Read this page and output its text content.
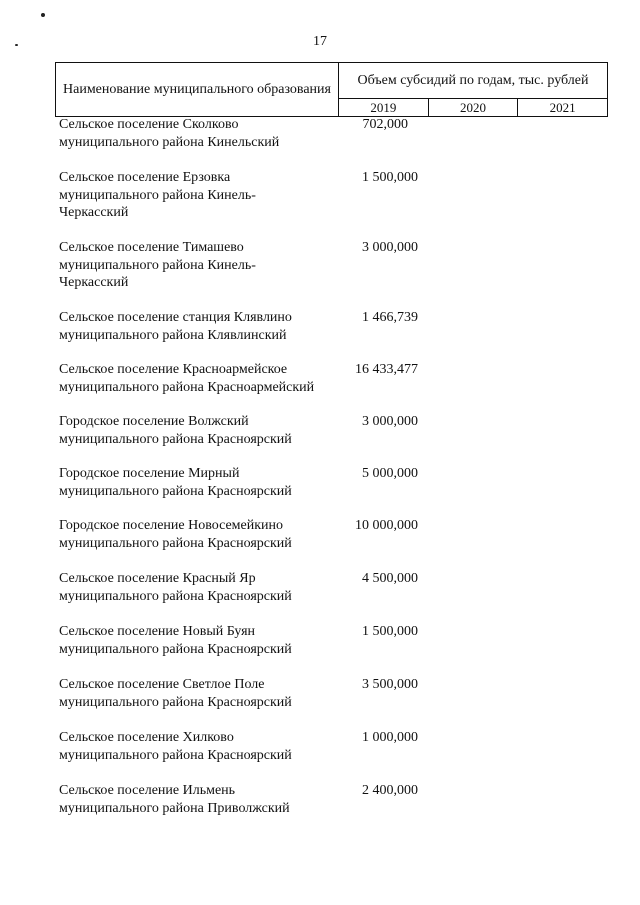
17
Наименование муниципального образования
Объем субсидий по годам, тыс. рублей
2019	2020	2021
Сельское поселение Сколково муниципального района Кинельский
702,000
Сельское поселение Ерзовка муниципального района Кинель-Черкасский
1 500,000
Сельское поселение Тимашево муниципального района Кинель-Черкасский
3 000,000
Сельское поселение станция Клявлино муниципального района Клявлинский
1 466,739
Сельское поселение Красноармейское муниципального района Красноармейский
16 433,477
Городское поселение Волжский муниципального района Красноярский
3 000,000
Городское поселение Мирный муниципального района Красноярский
5 000,000
Городское поселение Новосемейкино муниципального района Красноярский
10 000,000
Сельское поселение Красный Яр муниципального района Красноярский
4 500,000
Сельское поселение Новый Буян муниципального района Красноярский
1 500,000
Сельское поселение Светлое Поле муниципального района Красноярский
3 500,000
Сельское поселение Хилково муниципального района Красноярский
1 000,000
Сельское поселение Ильмень муниципального района Приволжский
2 400,000
